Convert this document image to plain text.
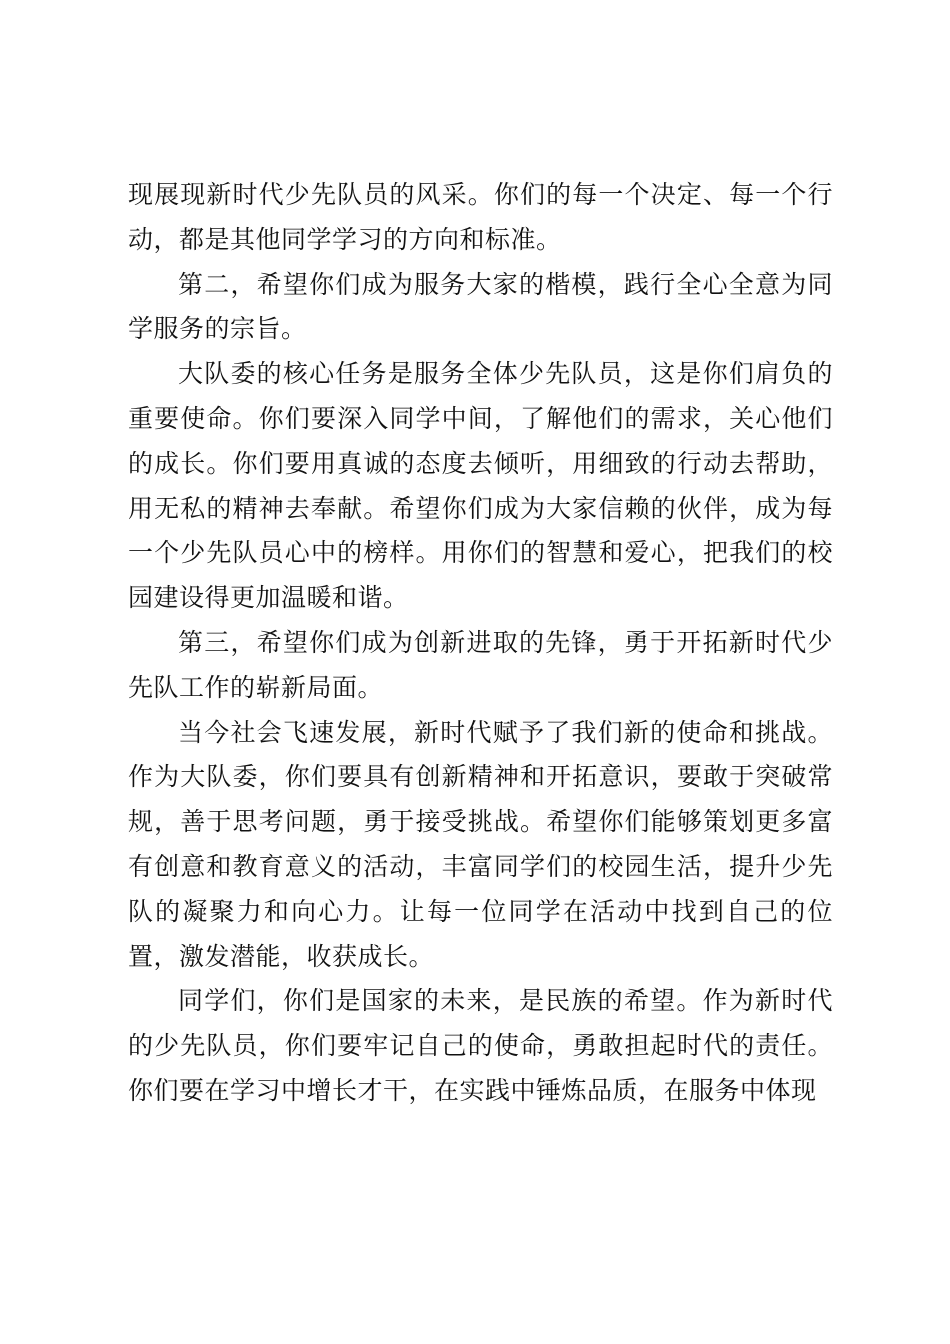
现展现新时代少先队员的风采。你们的每一个决定、每一个行动，都是其他同学学习的方向和标准。

第二，希望你们成为服务大家的楷模，践行全心全意为同学服务的宗旨。

大队委的核心任务是服务全体少先队员，这是你们肩负的重要使命。你们要深入同学中间，了解他们的需求，关心他们的成长。你们要用真诚的态度去倾听，用细致的行动去帮助，用无私的精神去奉献。希望你们成为大家信赖的伙伴，成为每一个少先队员心中的榜样。用你们的智慧和爱心，把我们的校园建设得更加温暖和谐。

第三，希望你们成为创新进取的先锋，勇于开拓新时代少先队工作的崭新局面。

当今社会飞速发展，新时代赋予了我们新的使命和挑战。作为大队委，你们要具有创新精神和开拓意识，要敢于突破常规，善于思考问题，勇于接受挑战。希望你们能够策划更多富有创意和教育意义的活动，丰富同学们的校园生活，提升少先队的凝聚力和向心力。让每一位同学在活动中找到自己的位置，激发潜能，收获成长。

同学们，你们是国家的未来，是民族的希望。作为新时代的少先队员，你们要牢记自己的使命，勇敢担起时代的责任。你们要在学习中增长才干，在实践中锤炼品质，在服务中体现
